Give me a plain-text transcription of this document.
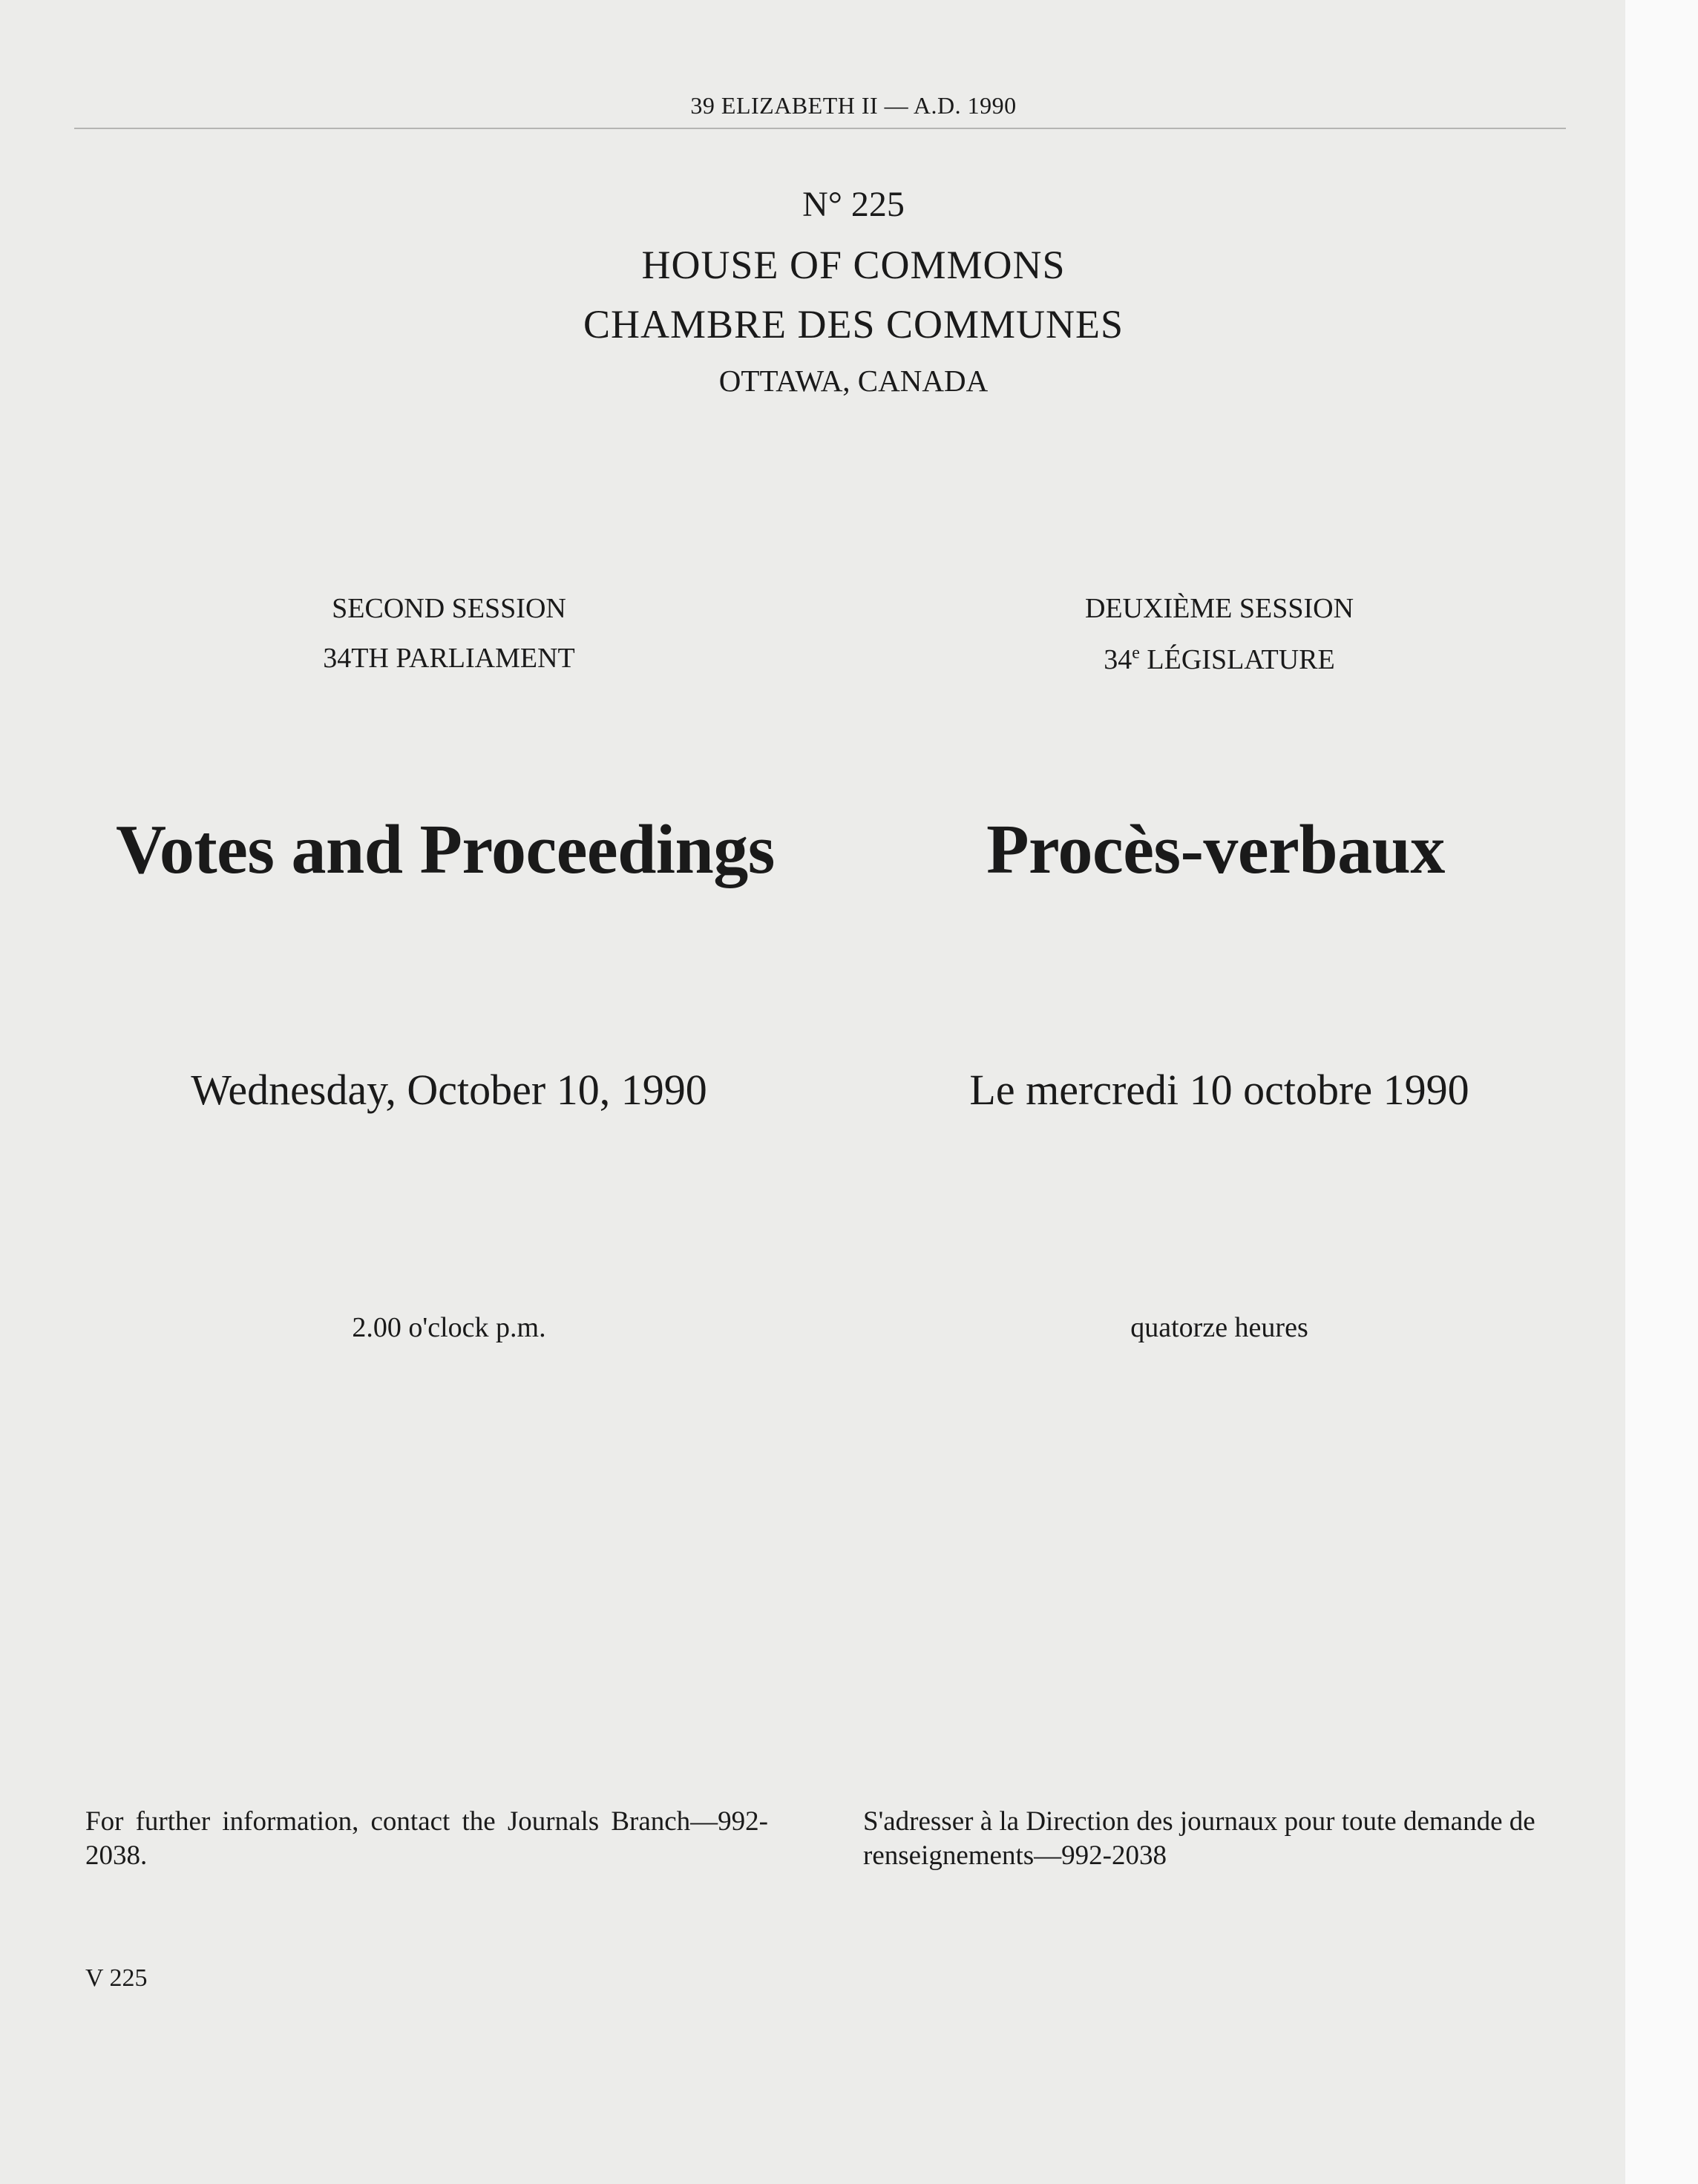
39 ELIZABETH II — A.D. 1990
N° 225
HOUSE OF COMMONS
CHAMBRE DES COMMUNES
OTTAWA, CANADA
SECOND SESSION
34TH PARLIAMENT
DEUXIÈME SESSION
34e LÉGISLATURE
Votes and Proceedings	Procès-verbaux
Wednesday, October 10, 1990	Le mercredi 10 octobre 1990
2.00 o'clock p.m.	quatorze heures
For further information, contact the Journals Branch—992-2038.
S'adresser à la Direction des journaux pour toute demande de renseignements—992-2038
V 225
